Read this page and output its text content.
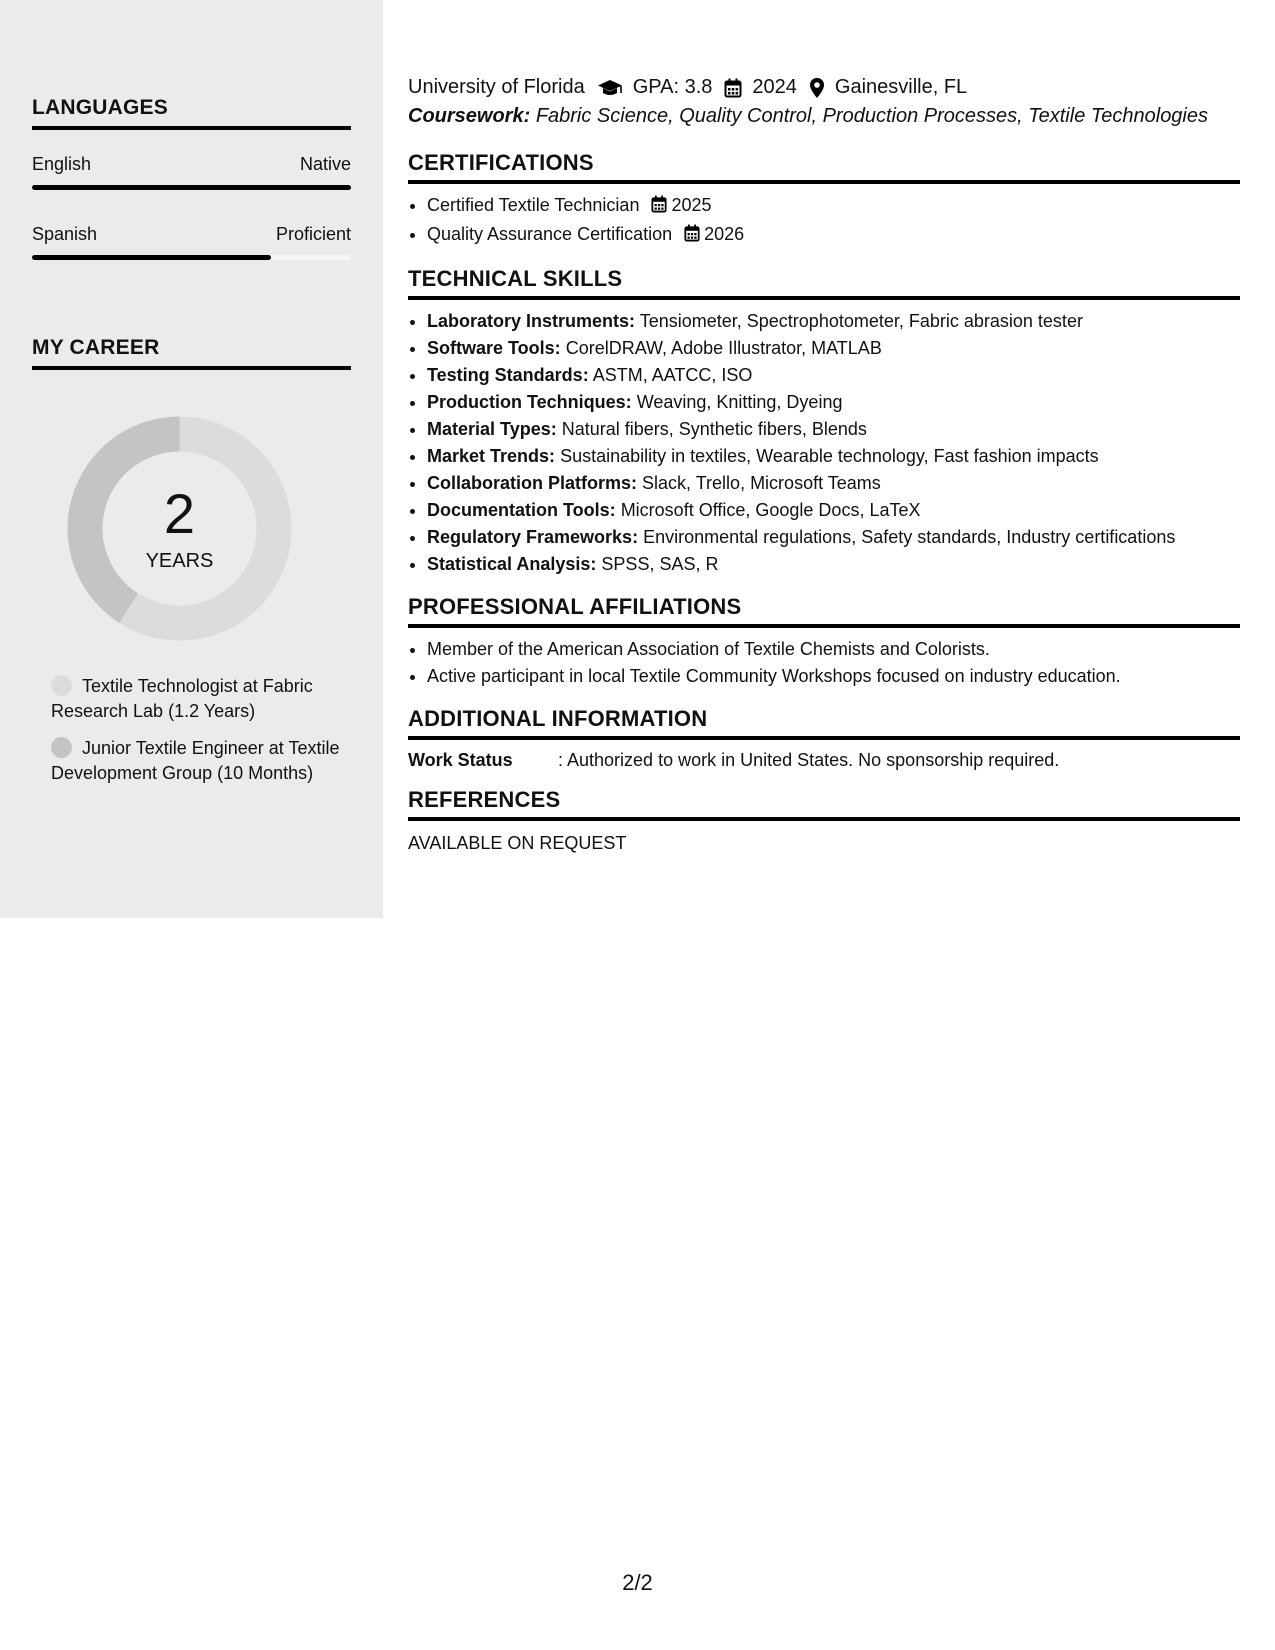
LANGUAGES
English	Native
Spanish	Proficient
MY CAREER
2
YEARS
Textile Technologist at Fabric Research Lab (1.2 Years)
Junior Textile Engineer at Textile Development Group (10 Months)
University of Florida GPA: 3.8 2024 Gainesville, FL
Coursework: Fabric Science, Quality Control, Production Processes, Textile Technologies
CERTIFICATIONS
• Certified Textile Technician 2025
• Quality Assurance Certification 2026
TECHNICAL SKILLS
• Laboratory Instruments: Tensiometer, Spectrophotometer, Fabric abrasion tester
• Software Tools: CorelDRAW, Adobe Illustrator, MATLAB
• Testing Standards: ASTM, AATCC, ISO
• Production Techniques: Weaving, Knitting, Dyeing
• Material Types: Natural fibers, Synthetic fibers, Blends
• Market Trends: Sustainability in textiles, Wearable technology, Fast fashion impacts
• Collaboration Platforms: Slack, Trello, Microsoft Teams
• Documentation Tools: Microsoft Office, Google Docs, LaTeX
• Regulatory Frameworks: Environmental regulations, Safety standards, Industry certifications
• Statistical Analysis: SPSS, SAS, R
PROFESSIONAL AFFILIATIONS
• Member of the American Association of Textile Chemists and Colorists.
• Active participant in local Textile Community Workshops focused on industry education.
ADDITIONAL INFORMATION
Work Status	: Authorized to work in United States. No sponsorship required.
REFERENCES
AVAILABLE ON REQUEST
2/2
